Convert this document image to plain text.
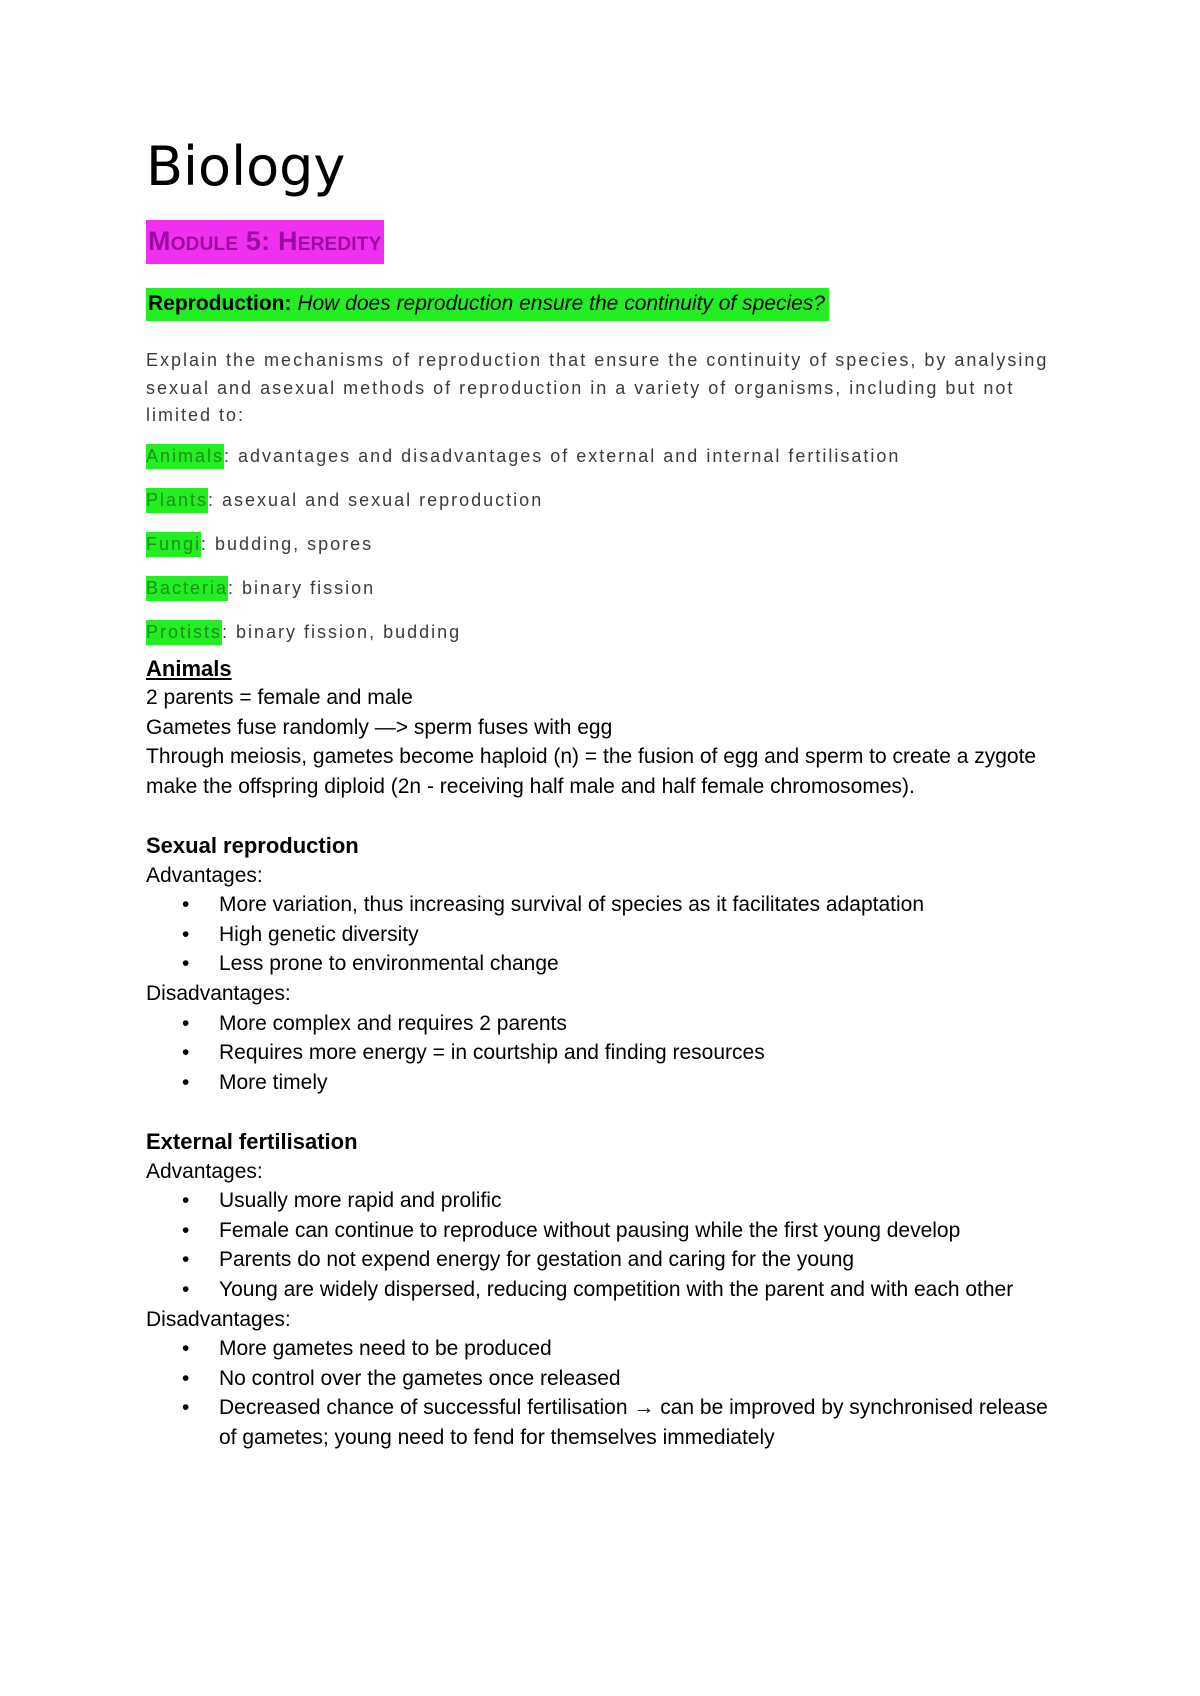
Biology
Module 5: Heredity
Reproduction: How does reproduction ensure the continuity of species?

Explain the mechanisms of reproduction that ensure the continuity of species, by analysing sexual and asexual methods of reproduction in a variety of organisms, including but not limited to:

Animals: advantages and disadvantages of external and internal fertilisation
Plants: asexual and sexual reproduction
Fungi: budding, spores
Bacteria: binary fission
Protists: binary fission, budding
Animals
2 parents = female and male
Gametes fuse randomly —> sperm fuses with egg
Through meiosis, gametes become haploid (n) = the fusion of egg and sperm to create a zygote make the offspring diploid (2n - receiving half male and half female chromosomes).
Sexual reproduction
Advantages:
• More variation, thus increasing survival of species as it facilitates adaptation
• High genetic diversity
• Less prone to environmental change
Disadvantages:
• More complex and requires 2 parents
• Requires more energy = in courtship and finding resources
• More timely
External fertilisation
Advantages:
• Usually more rapid and prolific
• Female can continue to reproduce without pausing while the first young develop
• Parents do not expend energy for gestation and caring for the young
• Young are widely dispersed, reducing competition with the parent and with each other
Disadvantages:
• More gametes need to be produced
• No control over the gametes once released
• Decreased chance of successful fertilisation → can be improved by synchronised release of gametes; young need to fend for themselves immediately
